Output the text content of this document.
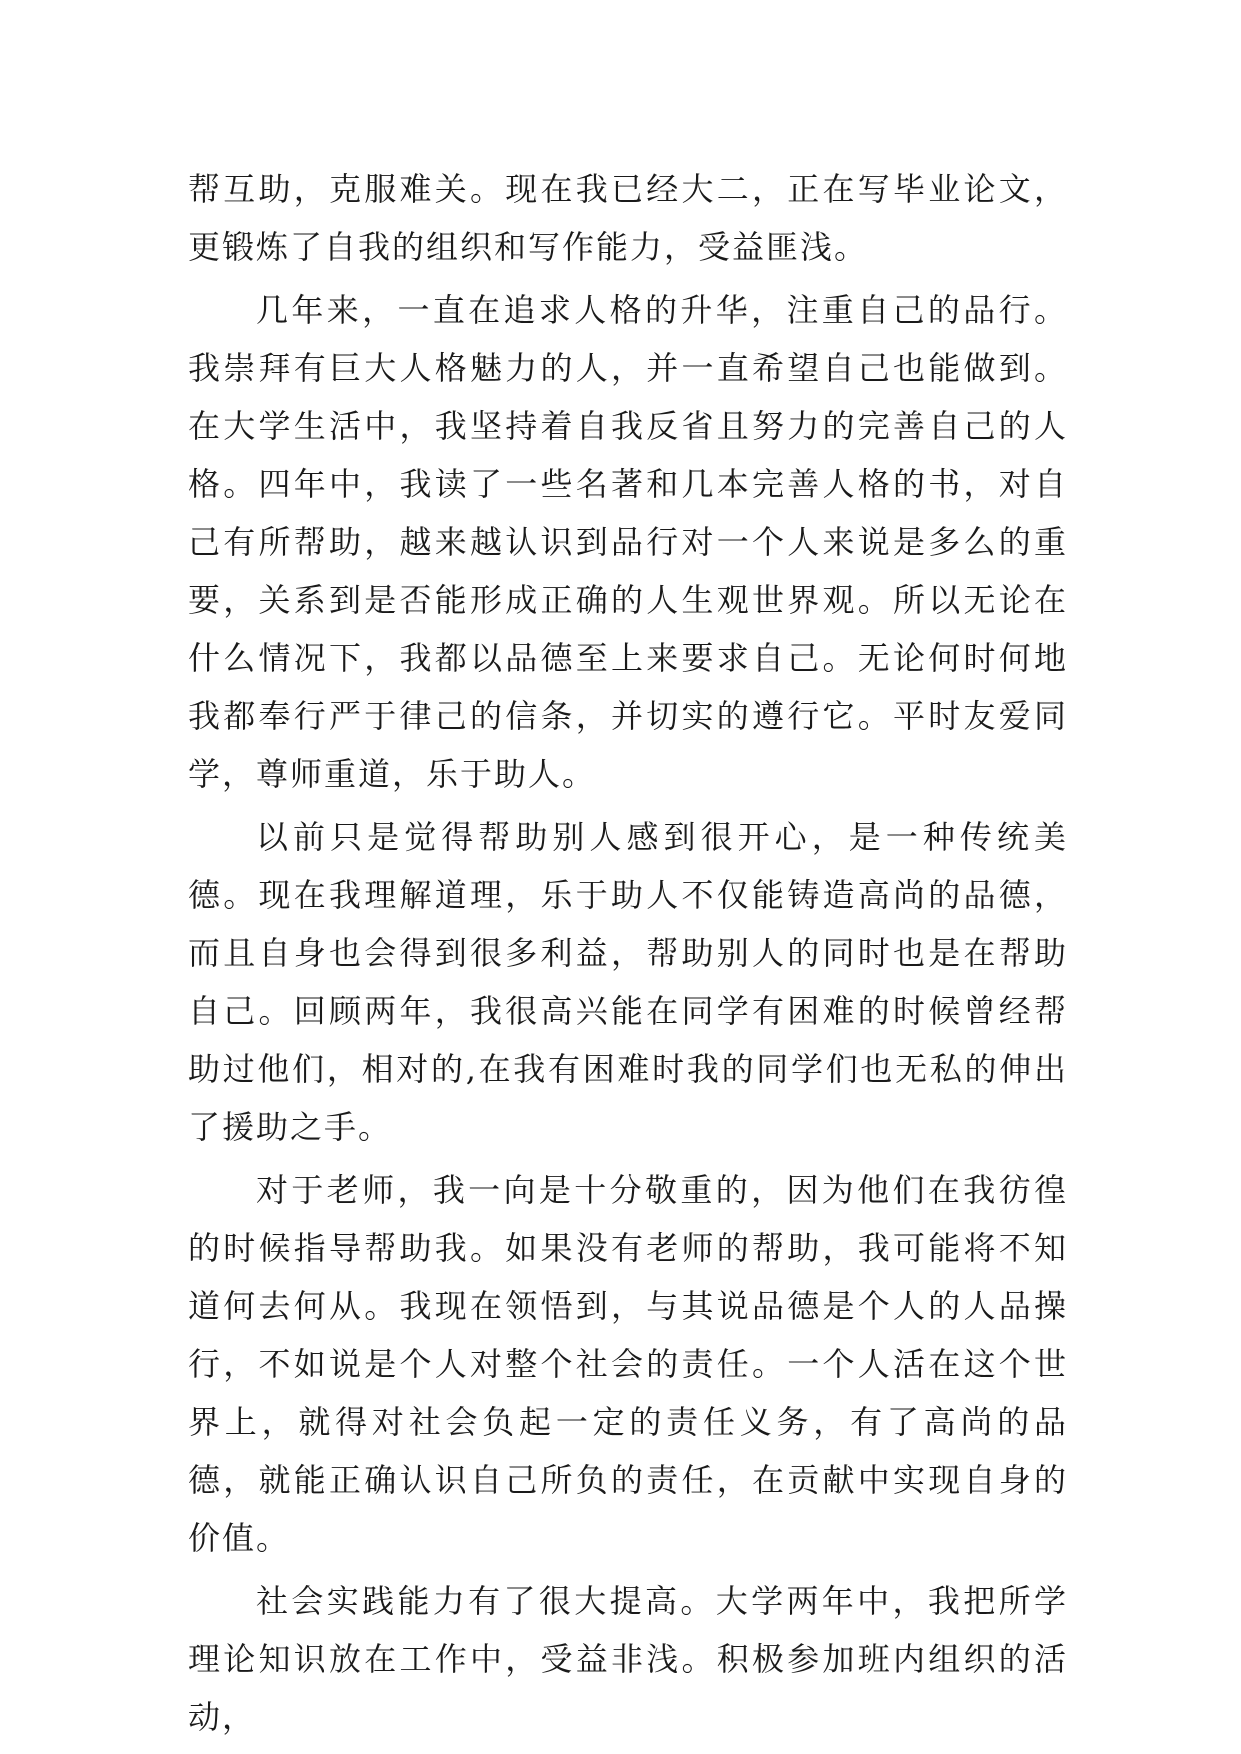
帮互助，克服难关。现在我已经大二，正在写毕业论文，更锻炼了自我的组织和写作能力，受益匪浅。

几年来，一直在追求人格的升华，注重自己的品行。我崇拜有巨大人格魅力的人，并一直希望自己也能做到。在大学生活中，我坚持着自我反省且努力的完善自己的人格。四年中，我读了一些名著和几本完善人格的书，对自己有所帮助，越来越认识到品行对一个人来说是多么的重要，关系到是否能形成正确的人生观世界观。所以无论在什么情况下，我都以品德至上来要求自己。无论何时何地我都奉行严于律己的信条，并切实的遵行它。平时友爱同学，尊师重道，乐于助人。

以前只是觉得帮助别人感到很开心，是一种传统美德。现在我理解道理，乐于助人不仅能铸造高尚的品德，而且自身也会得到很多利益，帮助别人的同时也是在帮助自己。回顾两年，我很高兴能在同学有困难的时候曾经帮助过他们，相对的,在我有困难时我的同学们也无私的伸出了援助之手。

对于老师，我一向是十分敬重的，因为他们在我彷徨的时候指导帮助我。如果没有老师的帮助，我可能将不知道何去何从。我现在领悟到，与其说品德是个人的人品操行，不如说是个人对整个社会的责任。一个人活在这个世界上，就得对社会负起一定的责任义务，有了高尚的品德，就能正确认识自己所负的责任，在贡献中实现自身的价值。

社会实践能力有了很大提高。大学两年中，我把所学理论知识放在工作中，受益非浅。积极参加班内组织的活动，
